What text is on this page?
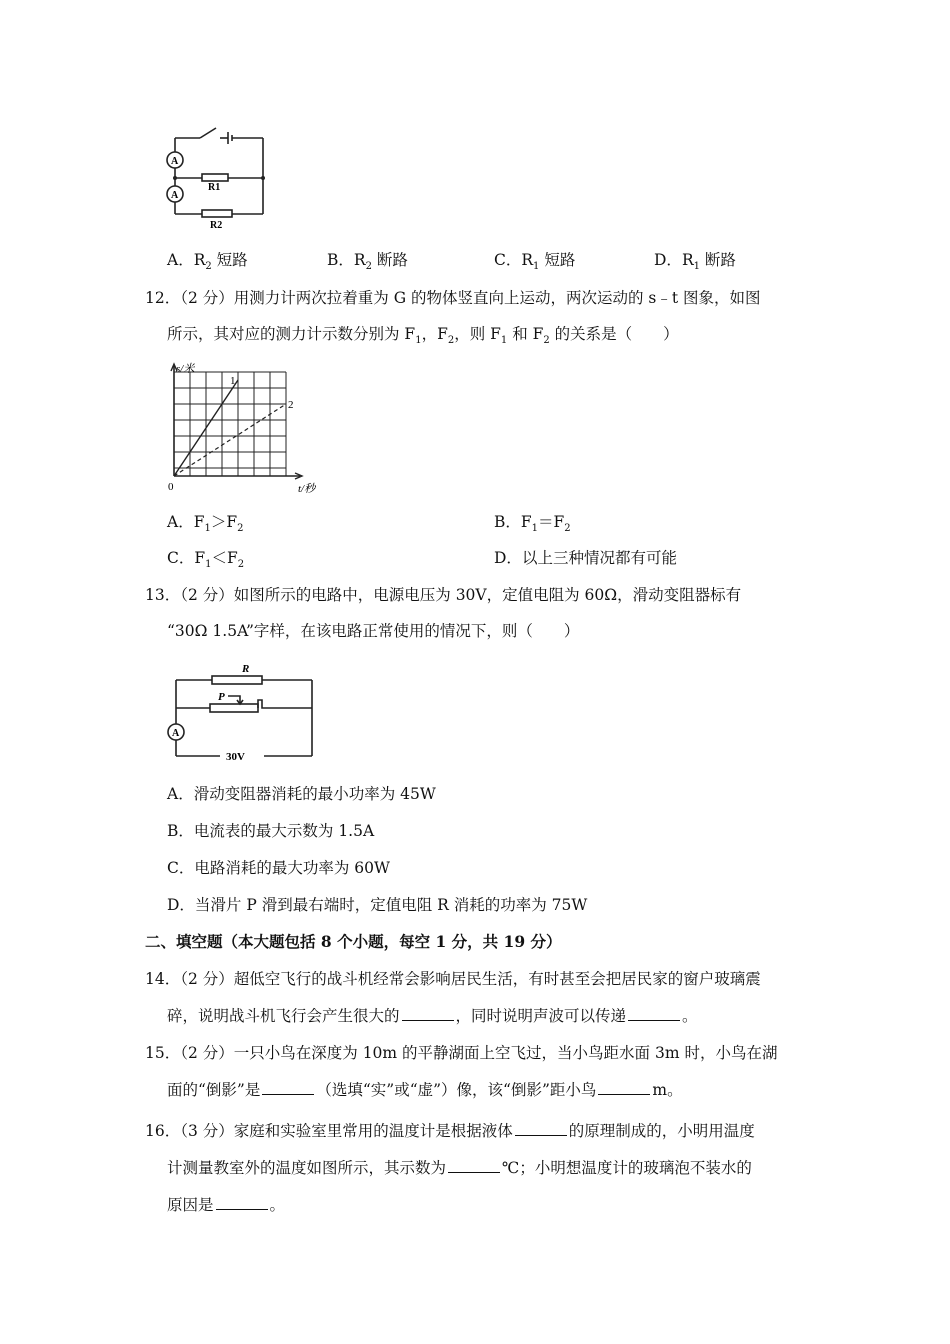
A
A
R1
R2
A．$R_2$ 短路	B．$R_2$ 断路	C．$R_1$ 短路	D．$R_1$ 断路
12．（2 分）用测力计两次拉着重为 G 的物体竖直向上运动，两次运动的 s﹣t 图象，如图
所示，其对应的测力计示数分别为 $F_1$，$F_2$，则 $F_1$ 和 $F_2$ 的关系是（　　）
s/米
0	t/秒
1
2
A．$F_1>F_2$	B．$F_1=F_2$
C．$F_1<F_2$	D．以上三种情况都有可能
13．（2 分）如图所示的电路中，电源电压为 30V，定值电阻为 60Ω，滑动变阻器标有
“30Ω 1.5A”字样，在该电路正常使用的情况下，则（　　）
R
P
A
30V
A．滑动变阻器消耗的最小功率为 45W
B．电流表的最大示数为 1.5A
C．电路消耗的最大功率为 60W
D．当滑片 P 滑到最右端时，定值电阻 R 消耗的功率为 75W
二、填空题（本大题包括 8 个小题，每空 1 分，共 19 分）
14．（2 分）超低空飞行的战斗机经常会影响居民生活，有时甚至会把居民家的窗户玻璃震
碎，说明战斗机飞行会产生很大的	，同时说明声波可以传递	。
15．（2 分）一只小鸟在深度为 10m 的平静湖面上空飞过，当小鸟距水面 3m 时，小鸟在湖
面的“倒影”是	（选填“实”或“虚”）像，该“倒影”距小鸟	m。
16．（3 分）家庭和实验室里常用的温度计是根据液体	的原理制成的，小明用温度
计测量教室外的温度如图所示，其示数为	℃；小明想温度计的玻璃泡不装水的
原因是	。
